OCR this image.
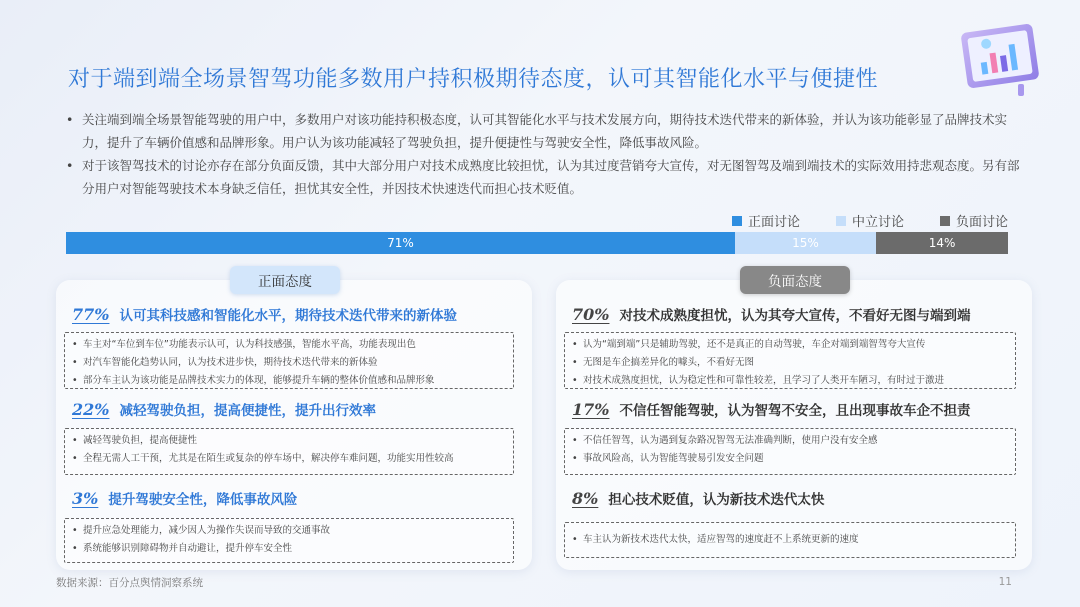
对于端到端全场景智驾功能多数用户持积极期待态度，认可其智能化水平与便捷性
• 关注端到端全场景智能驾驶的用户中，多数用户对该功能持积极态度，认可其智能化水平与技术发展方向，期待技术迭代带来的新体验，并认为该功能彰显了品牌技术实力，提升了车辆价值感和品牌形象。用户认为该功能减轻了驾驶负担，提升便捷性与驾驶安全性，降低事故风险。
• 对于该智驾技术的讨论亦存在部分负面反馈，其中大部分用户对技术成熟度比较担忧，认为其过度营销夸大宣传，对无图智驾及端到端技术的实际效用持悲观态度。另有部分用户对智能驾驶技术本身缺乏信任，担忧其安全性，并因技术快速迭代而担心技术贬值。
正面讨论	中立讨论	负面讨论
71%	15%	14%
正面态度
77% 认可其科技感和智能化水平，期待技术迭代带来的新体验
• 车主对“车位到车位”功能表示认可，认为科技感强，智能水平高，功能表现出色
• 对汽车智能化趋势认同，认为技术进步快，期待技术迭代带来的新体验
• 部分车主认为该功能是品牌技术实力的体现，能够提升车辆的整体价值感和品牌形象
22% 减轻驾驶负担，提高便捷性，提升出行效率
• 减轻驾驶负担，提高便捷性
• 全程无需人工干预，尤其是在陌生或复杂的停车场中，解决停车难问题，功能实用性较高
3% 提升驾驶安全性，降低事故风险
• 提升应急处理能力，减少因人为操作失误而导致的交通事故
• 系统能够识别障碍物并自动避让，提升停车安全性
负面态度
70% 对技术成熟度担忧，认为其夸大宣传，不看好无图与端到端
• 认为“端到端”只是辅助驾驶，还不是真正的自动驾驶，车企对端到端智驾夸大宣传
• 无图是车企搞差异化的噱头，不看好无图
• 对技术成熟度担忧，认为稳定性和可靠性较差，且学习了人类开车陋习，有时过于激进
17% 不信任智能驾驶，认为智驾不安全，且出现事故车企不担责
• 不信任智驾，认为遇到复杂路况智驾无法准确判断，使用户没有安全感
• 事故风险高，认为智能驾驶易引发安全问题
8% 担心技术贬值，认为新技术迭代太快
• 车主认为新技术迭代太快，适应智驾的速度赶不上系统更新的速度
数据来源：百分点舆情洞察系统	11
